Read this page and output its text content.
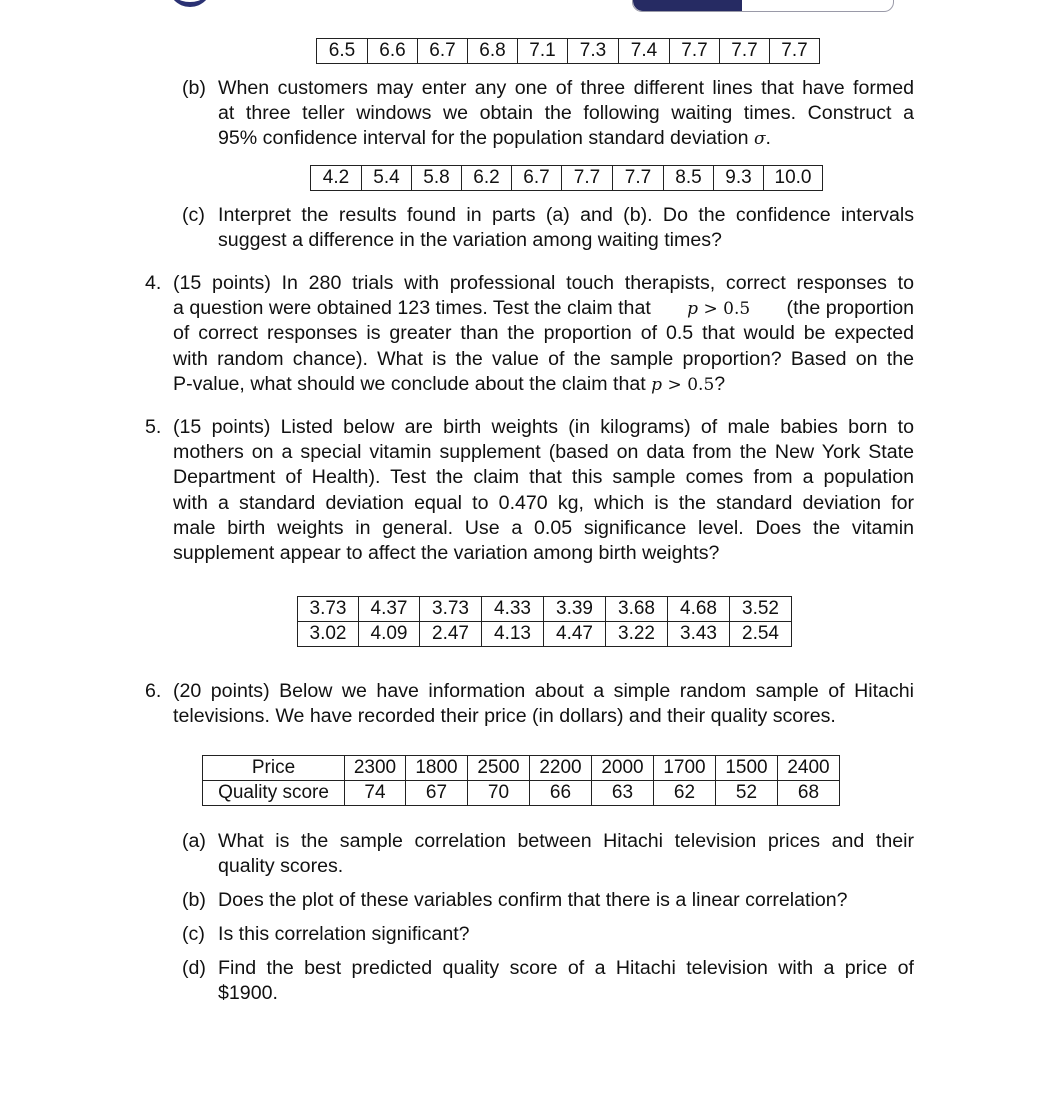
6.5	6.6	6.7	6.8	7.1	7.3	7.4	7.7	7.7	7.7
(b) When customers may enter any one of three different lines that have formed
at three teller windows we obtain the following waiting times. Construct a
95% confidence interval for the population standard deviation σ.
4.2	5.4	5.8	6.2	6.7	7.7	7.7	8.5	9.3	10.0
(c) Interpret the results found in parts (a) and (b). Do the confidence intervals
suggest a difference in the variation among waiting times?
4. (15 points) In 280 trials with professional touch therapists, correct responses to
a question were obtained 123 times. Test the claim that p > 0.5 (the proportion
of correct responses is greater than the proportion of 0.5 that would be expected
with random chance). What is the value of the sample proportion? Based on the
P-value, what should we conclude about the claim that p > 0.5?
5. (15 points) Listed below are birth weights (in kilograms) of male babies born to
mothers on a special vitamin supplement (based on data from the New York State
Department of Health). Test the claim that this sample comes from a population
with a standard deviation equal to 0.470 kg, which is the standard deviation for
male birth weights in general. Use a 0.05 significance level. Does the vitamin
supplement appear to affect the variation among birth weights?
3.73	4.37	3.73	4.33	3.39	3.68	4.68	3.52
3.02	4.09	2.47	4.13	4.47	3.22	3.43	2.54
6. (20 points) Below we have information about a simple random sample of Hitachi
televisions. We have recorded their price (in dollars) and their quality scores.
Price	2300	1800	2500	2200	2000	1700	1500	2400
Quality score	74	67	70	66	63	62	52	68
(a) What is the sample correlation between Hitachi television prices and their
quality scores.
(b) Does the plot of these variables confirm that there is a linear correlation?
(c) Is this correlation significant?
(d) Find the best predicted quality score of a Hitachi television with a price of
$1900.
